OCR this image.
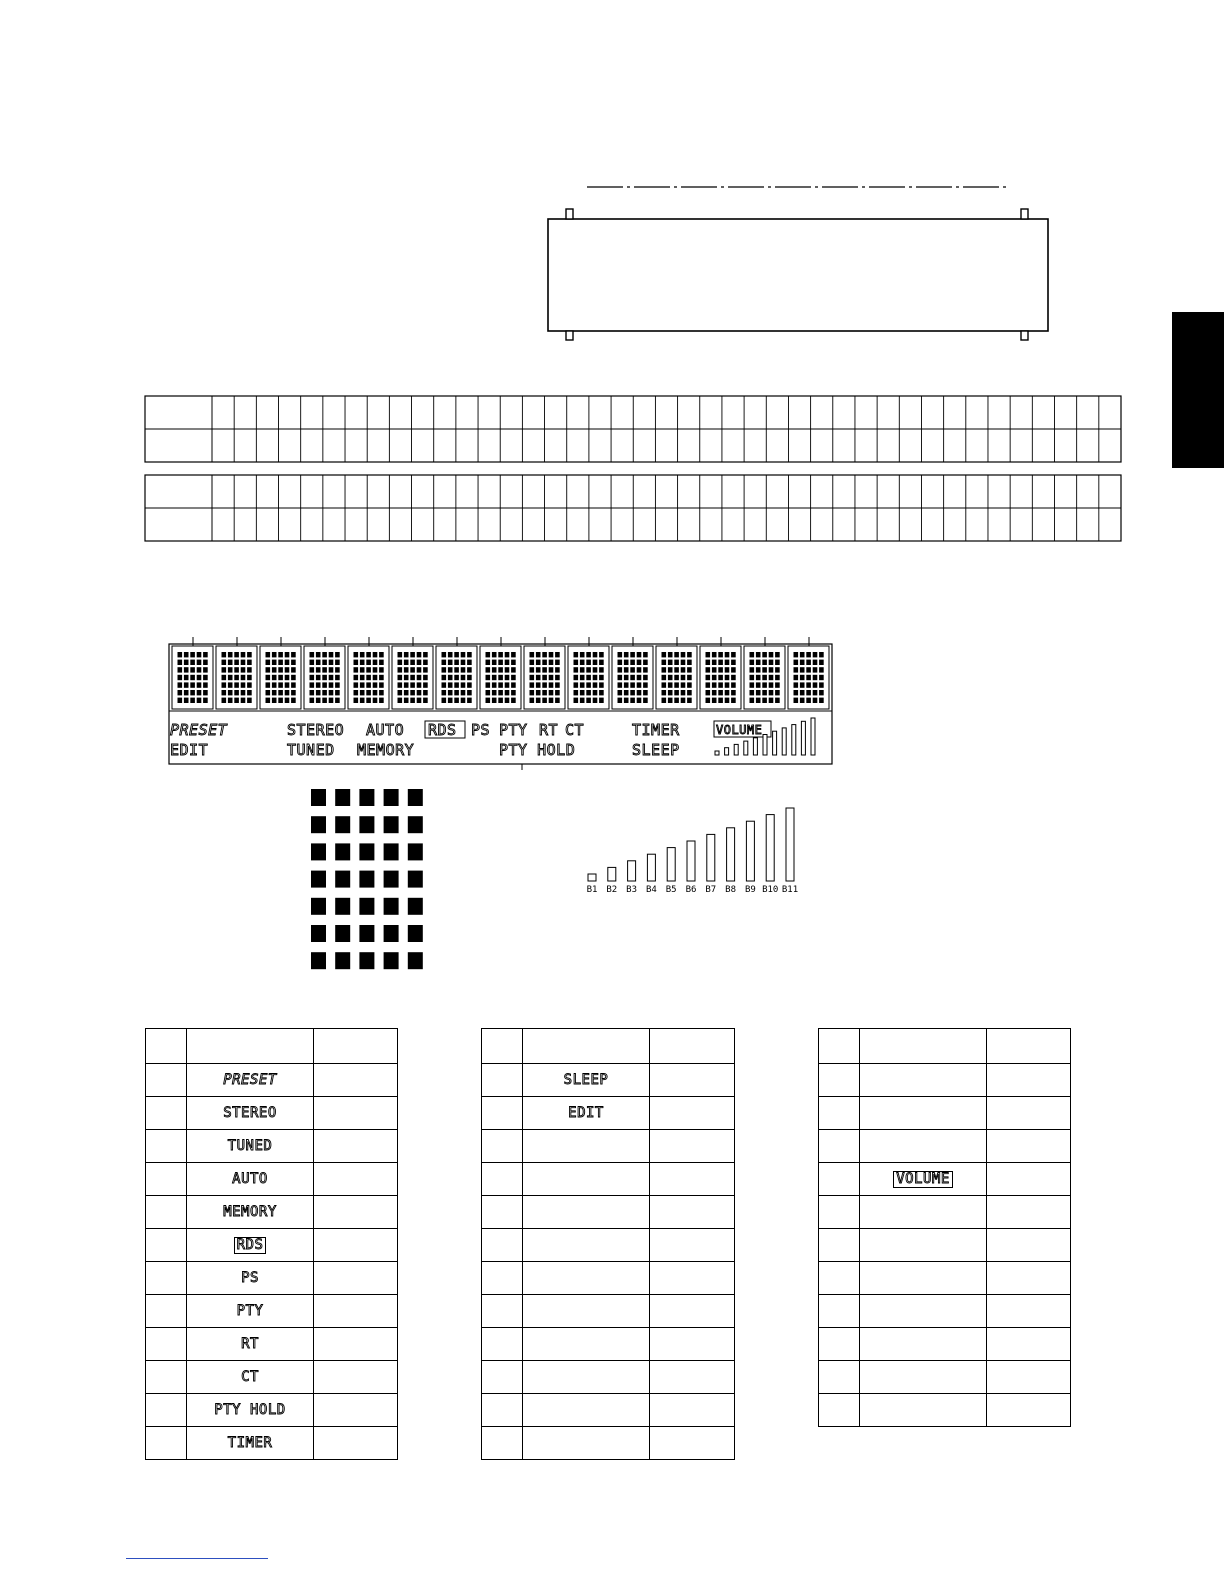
PRESET
EDIT
STEREO
TUNED
AUTO
MEMORY
RDS PS PTY RT CT
PTY HOLD
TIMER
SLEEP
VOLUME
B1 B2 B3 B4 B5 B6 B7 B8 B9 B10 B11

	PRESET	
	STEREO	
	TUNED	
	AUTO	
	MEMORY	
	RDS	
	PS	
	PTY	
	RT	
	CT	
	PTY HOLD	
	TIMER	

	SLEEP	
	EDIT	

	VOLUME	
